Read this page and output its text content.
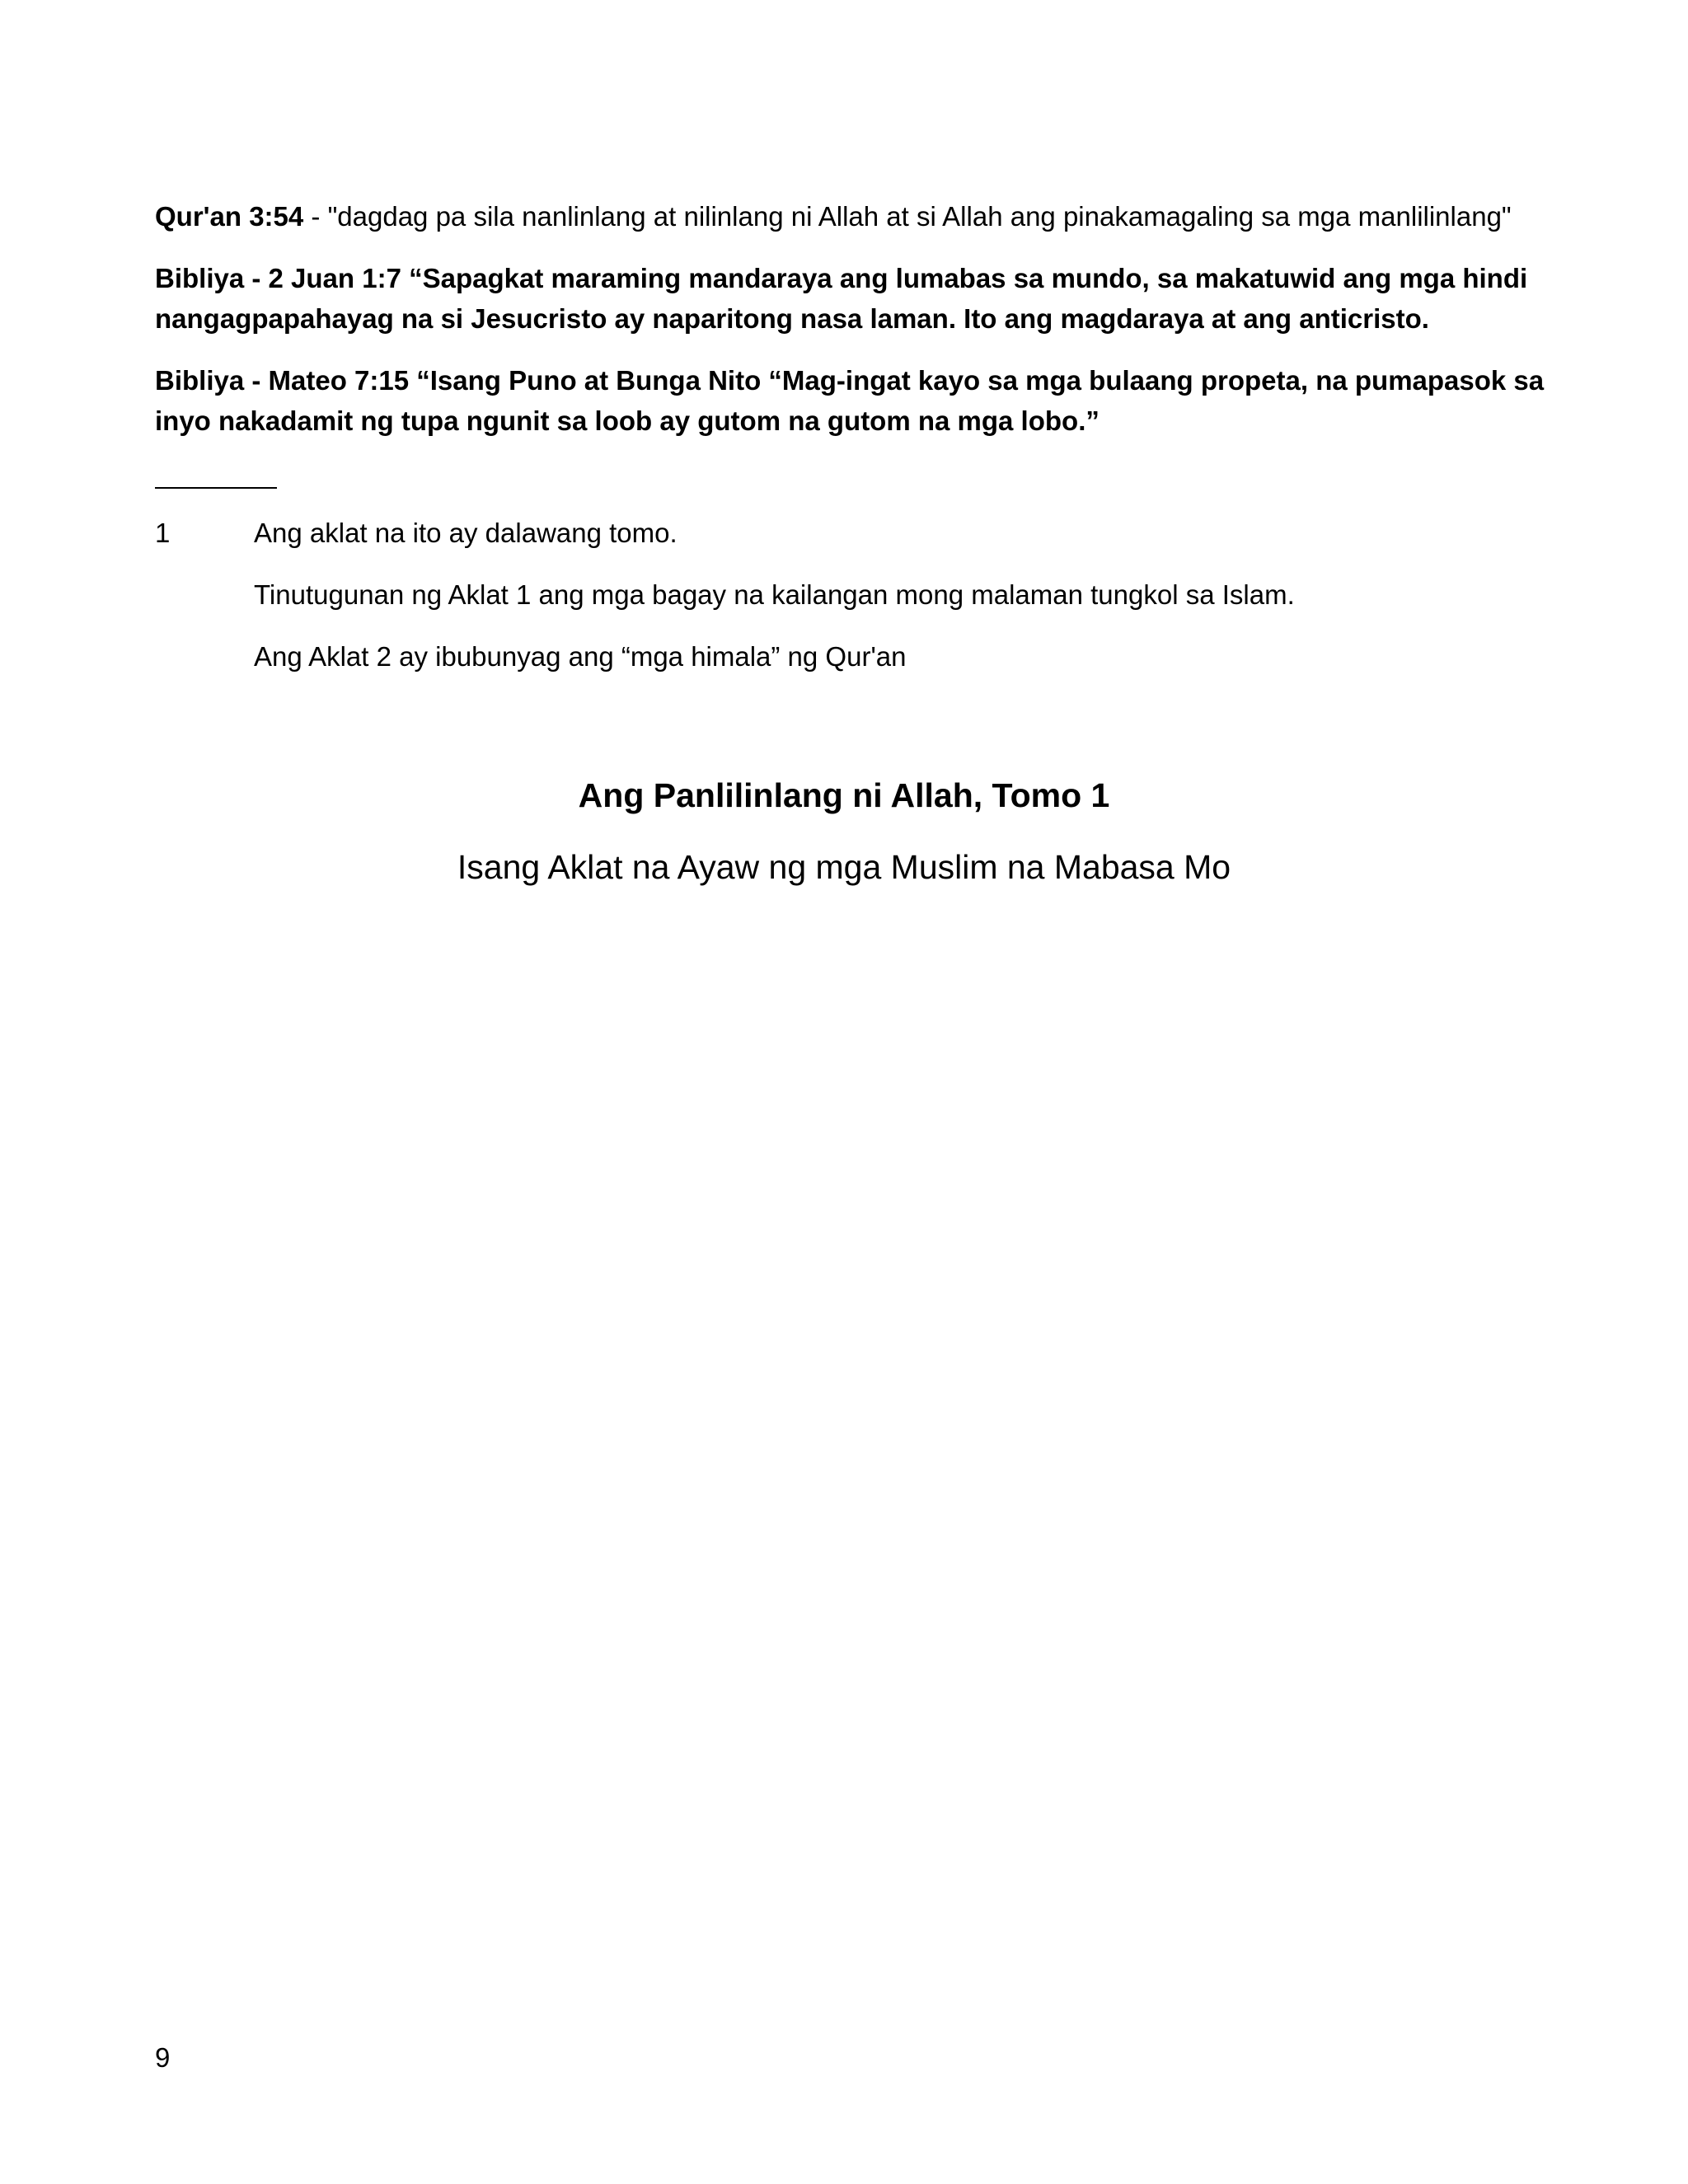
Qur'an 3:54 - "dagdag pa sila nanlinlang at nilinlang ni Allah at si Allah ang pinakamagaling sa mga manlilinlang"

Bibliya - 2 Juan 1:7 “Sapagkat maraming mandaraya ang lumabas sa mundo, sa makatuwid ang mga hindi nangagpapahayag na si Jesucristo ay naparitong nasa laman. Ito ang magdaraya at ang anticristo.

Bibliya - Mateo 7:15 “Isang Puno at Bunga Nito “Mag-ingat kayo sa mga bulaang propeta, na pumapasok sa inyo nakadamit ng tupa ngunit sa loob ay gutom na gutom na mga lobo.”

1	Ang aklat na ito ay dalawang tomo.

Tinutugunan ng Aklat 1 ang mga bagay na kailangan mong malaman tungkol sa Islam.

Ang Aklat 2 ay ibubunyag ang “mga himala” ng Qur'an

Ang Panlilinlang ni Allah, Tomo 1
Isang Aklat na Ayaw ng mga Muslim na Mabasa Mo
9
